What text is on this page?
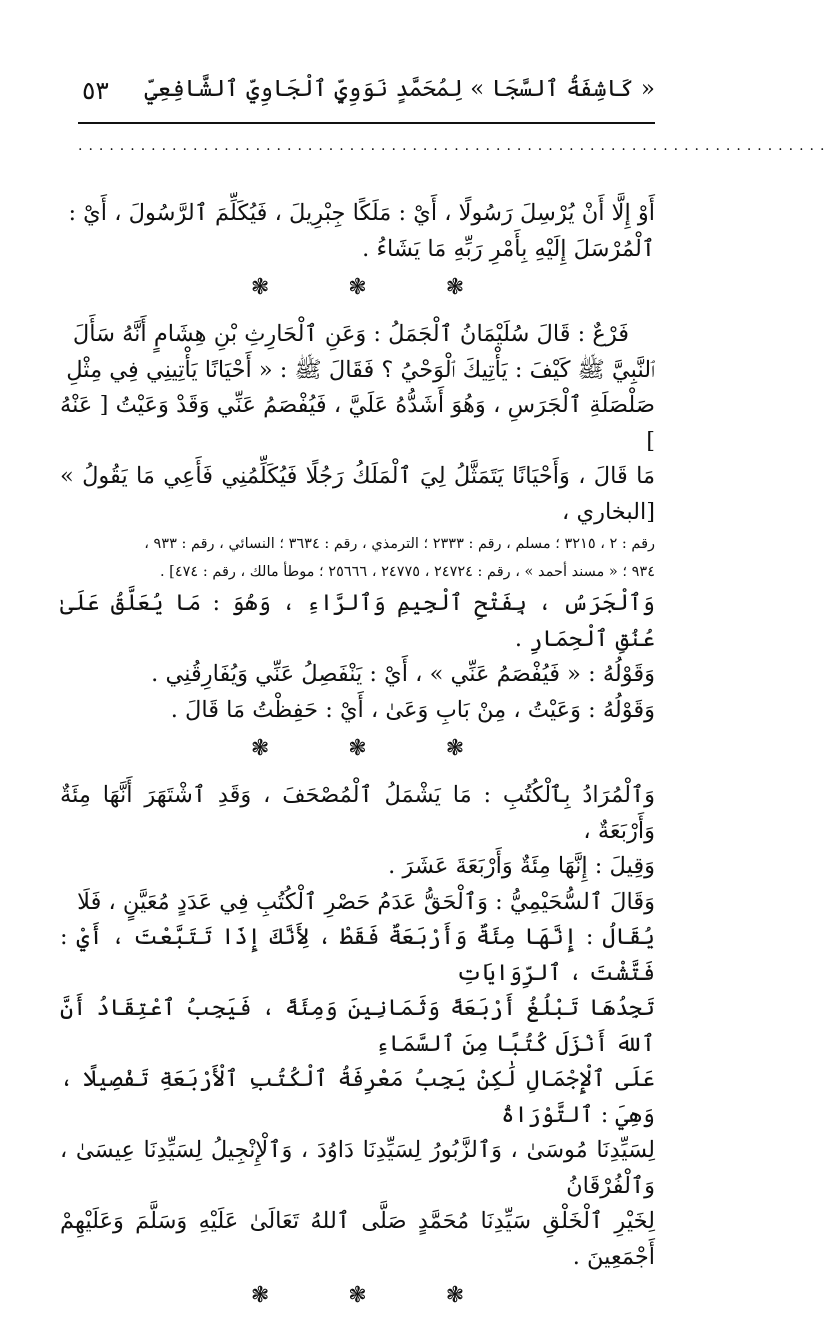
٥٣ « كَاشِفَةُ ٱلسَّجَا » لِمُحَمَّدٍ نَوَوِيٍّ ٱلْجَاوِيِّ ٱلشَّافِعِيِّ
........................................................................

أَوْ إِلَّا أَنْ يُرْسِلَ رَسُولًا ، أَيْ : مَلَكًا جِبْرِيلَ ، فَيُكَلِّمَ ٱلرَّسُولَ ، أَيْ :

ٱلْمُرْسَلَ إِلَيْهِ بِأَمْرِ رَبِّهِ مَا يَشَاءُ .

❃	❃	❃

فَرْعٌ : قَالَ سُلَيْمَانُ ٱلْجَمَلُ : وَعَنِ ٱلْحَارِثِ بْنِ هِشَامٍ أَنَّهُ سَأَلَ

ٱلنَّبِيَّ ﷺ كَيْفَ : يَأْتِيكَ ٱلْوَحْيُ ؟ فَقَالَ ﷺ : « أَحْيَانًا يَأْتِينِي فِي مِثْلِ

صَلْصَلَةِ ٱلْجَرَسِ ، وَهُوَ أَشَدُّهُ عَلَيَّ ، فَيُفْصَمُ عَنِّي وَقَدْ وَعَيْتُ [ عَنْهُ ]

مَا قَالَ ، وَأَحْيَانًا يَتَمَثَّلُ لِيَ ٱلْمَلَكُ رَجُلًا فَيُكَلِّمُنِي فَأَعِي مَا يَقُولُ » [البخاري ،

رقم : ٢ ، ٣٢١٥ ؛ مسلم ، رقم : ٢٣٣٣ ؛ الترمذي ، رقم : ٣٦٣٤ ؛ النسائي ، رقم : ٩٣٣ ،

٩٣٤ ؛ « مسند أحمد » ، رقم : ٢٤٧٢٤ ، ٢٤٧٧٥ ، ٢٥٦٦٦ ؛ موطأ مالك ، رقم : ٤٧٤] .

وَٱلْجَرَسُ ، بِفَتْحِ ٱلْجِيمِ وَٱلرَّاءِ ، وَهُوَ : مَا يُعَلَّقُ عَلَىٰ عُنُقِ ٱلْحِمَارِ .

وَقَوْلُهُ : « فَيُفْصَمُ عَنِّي » ، أَيْ : يَنْفَصِلُ عَنِّي وَيُفَارِقُنِي .

وَقَوْلُهُ : وَعَيْتُ ، مِنْ بَابِ وَعَىٰ ، أَيْ : حَفِظْتُ مَا قَالَ .

❃	❃	❃

وَٱلْمُرَادُ بِٱلْكُتُبِ : مَا يَشْمَلُ ٱلْمُصْحَفَ ، وَقَدِ ٱشْتَهَرَ أَنَّهَا مِئَةٌ وَأَرْبَعَةٌ ،

وَقِيلَ : إِنَّهَا مِئَةٌ وَأَرْبَعَةَ عَشَرَ .

وَقَالَ ٱلسُّحَيْمِيُّ : وَٱلْحَقُّ عَدَمُ حَصْرِ ٱلْكُتُبِ فِي عَدَدٍ مُعَيَّنٍ ، فَلَا

يُقَالُ : إِنَّهَا مِئَةٌ وَأَرْبَعَةٌ فَقَطْ ، لِأَنَّكَ إِذَا تَتَبَّعْتَ ، أَيْ : فَتَّشْتَ ، ٱلرِّوَايَاتِ

تَجِدُهَا تَبْلُغُ أَرْبَعَةً وَثَمَانِينَ وَمِئَةً ، فَيَجِبُ ٱعْتِقَادُ أَنَّ ٱللهَ أَنْزَلَ كُتُبًا مِنَ ٱلسَّمَاءِ

عَلَى ٱلْإِجْمَالِ لَٰكِنْ يَجِبُ مَعْرِفَةُ ٱلْكُتُبِ ٱلْأَرْبَعَةِ تَفْصِيلًا ، وَهِيَ : ٱلتَّوْرَاةُ

لِسَيِّدِنَا مُوسَىٰ ، وَٱلزَّبُورُ لِسَيِّدِنَا دَاوُدَ ، وَٱلْإِنْجِيلُ لِسَيِّدِنَا عِيسَىٰ ، وَٱلْفُرْقَانُ

لِخَيْرِ ٱلْخَلْقِ سَيِّدِنَا مُحَمَّدٍ صَلَّى ٱللهُ تَعَالَىٰ عَلَيْهِ وَسَلَّمَ وَعَلَيْهِمْ أَجْمَعِينَ .

❃	❃	❃
